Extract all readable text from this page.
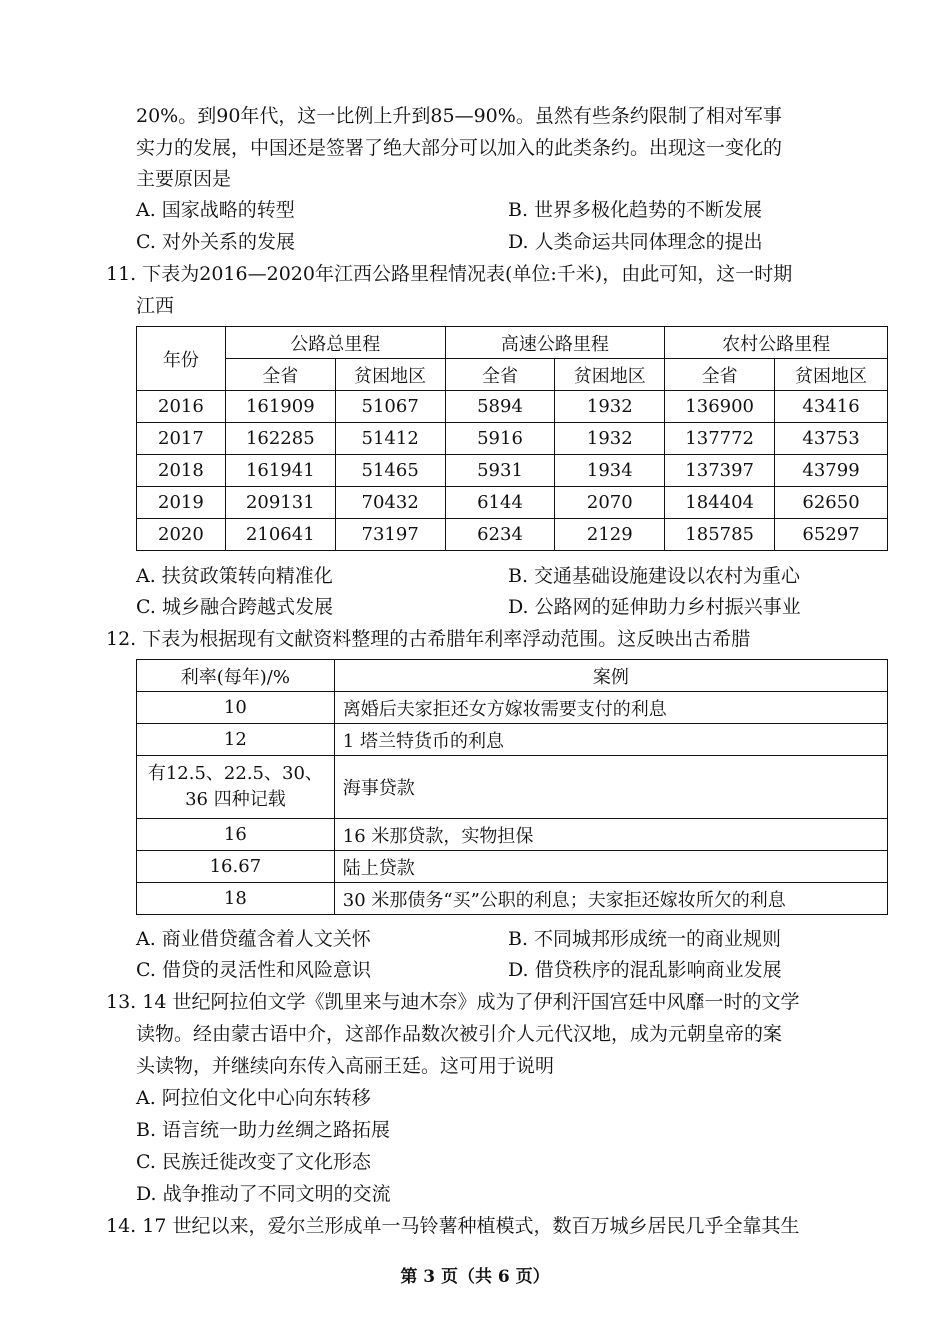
20%。到90年代，这一比例上升到85—90%。虽然有些条约限制了相对军事
实力的发展，中国还是签署了绝大部分可以加入的此类条约。出现这一变化的
主要原因是
A. 国家战略的转型	B. 世界多极化趋势的不断发展
C. 对外关系的发展	D. 人类命运共同体理念的提出
11. 下表为2016—2020年江西公路里程情况表(单位:千米)，由此可知，这一时期
江西
年份	公路总里程		高速公路里程		农村公路里程	
	全省	贫困地区	全省	贫困地区	全省	贫困地区
2016	161909	51067	5894	1932	136900	43416
2017	162285	51412	5916	1932	137772	43753
2018	161941	51465	5931	1934	137397	43799
2019	209131	70432	6144	2070	184404	62650
2020	210641	73197	6234	2129	185785	65297
A. 扶贫政策转向精准化	B. 交通基础设施建设以农村为重心
C. 城乡融合跨越式发展	D. 公路网的延伸助力乡村振兴事业
12. 下表为根据现有文献资料整理的古希腊年利率浮动范围。这反映出古希腊
利率(每年)/%	案例
10	离婚后夫家拒还女方嫁妆需要支付的利息
12	1 塔兰特货币的利息

有12.5、22.5、30、
36 四种记载	海事贷款
16	16 米那贷款，实物担保
16.67	陆上贷款
18	30 米那债务“买”公职的利息；夫家拒还嫁妆所欠的利息
A. 商业借贷蕴含着人文关怀	B. 不同城邦形成统一的商业规则
C. 借贷的灵活性和风险意识	D. 借贷秩序的混乱影响商业发展
13. 14 世纪阿拉伯文学《凯里来与迪木奈》成为了伊利汗国宫廷中风靡一时的文学
读物。经由蒙古语中介，这部作品数次被引介人元代汉地，成为元朝皇帝的案
头读物，并继续向东传入高丽王廷。这可用于说明
A. 阿拉伯文化中心向东转移
B. 语言统一助力丝绸之路拓展
C. 民族迁徙改变了文化形态
D. 战争推动了不同文明的交流
14. 17 世纪以来，爱尔兰形成单一马铃薯种植模式，数百万城乡居民几乎全靠其生
第 3 页（共 6 页）
